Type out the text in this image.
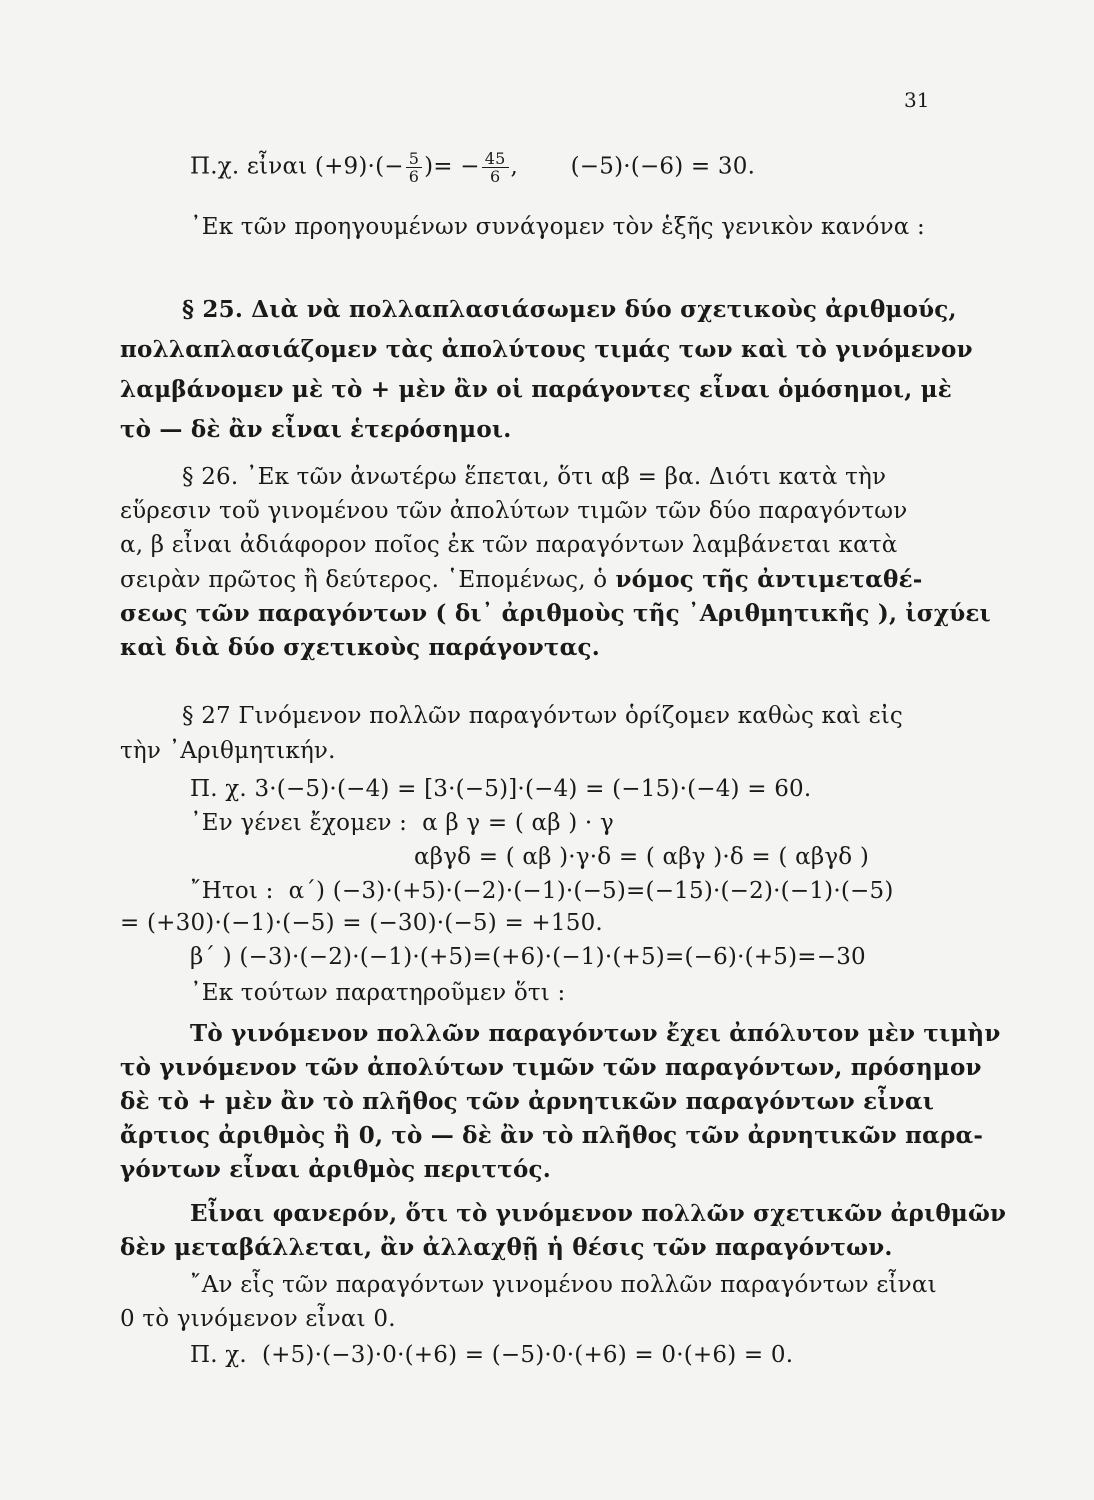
31
Π.χ. εἶναι $(+9)\cdot(- \frac{5}{6}$ )= − $\frac{45}{6}$ ,       (−5)·(−6) = 30.
᾿Εκ τῶν προηγουμένων συνάγομεν τὸν ἑξῆς γενικὸν κανόνα :
§ 25. Διὰ νὰ πολλαπλασιάσωμεν δύο σχετικοὺς ἀριθμούς,
πολλαπλασιάζομεν τὰς ἀπολύτους τιμάς των καὶ τὸ γινόμενον
λαμβάνομεν μὲ τὸ + μὲν ἂν οἱ παράγοντες εἶναι ὁμόσημοι, μὲ
τὸ — δὲ ἂν εἶναι ἑτερόσημοι.
§ 26. ᾿Εκ τῶν ἀνωτέρω ἕπεται, ὅτι αβ = βα. Διότι κατὰ τὴν
εὕρεσιν τοῦ γινομένου τῶν ἀπολύτων τιμῶν τῶν δύο παραγόντων
α, β εἶναι ἀδιάφορον ποῖος ἐκ τῶν παραγόντων λαμβάνεται κατὰ
σειρὰν πρῶτος ἢ δεύτερος. ῾Επομένως, ὁ νόμος τῆς ἀντιμεταθέ-
σεως τῶν παραγόντων ( δι᾽ ἀριθμοὺς τῆς ᾿Αριθμητικῆς ), ἰσχύει
καὶ διὰ δύο σχετικοὺς παράγοντας.
§ 27 Γινόμενον πολλῶν παραγόντων ὁρίζομεν καθὼς καὶ εἰς
τὴν ᾿Αριθμητικήν.
Π. χ. 3·(−5)·(−4) = [3·(−5)]·(−4) = (−15)·(−4) = 60.
᾿Εν γένει ἔχομεν :  α β γ = ( αβ ) · γ
αβγδ = ( αβ )·γ·δ = ( αβγ )·δ = ( αβγδ )
῎Ητοι :  α΄) (−3)·(+5)·(−2)·(−1)·(−5)=(−15)·(−2)·(−1)·(−5)
= (+30)·(−1)·(−5) = (−30)·(−5) = +150.
β΄ ) (−3)·(−2)·(−1)·(+5)=(+6)·(−1)·(+5)=(−6)·(+5)=−30
᾿Εκ τούτων παρατηροῦμεν ὅτι :
Τὸ γινόμενον πολλῶν παραγόντων ἔχει ἀπόλυτον μὲν τιμὴν
τὸ γινόμενον τῶν ἀπολύτων τιμῶν τῶν παραγόντων, πρόσημον
δὲ τὸ + μὲν ἂν τὸ πλῆθος τῶν ἀρνητικῶν παραγόντων εἶναι
ἄρτιος ἀριθμὸς ἢ 0, τὸ — δὲ ἂν τὸ πλῆθος τῶν ἀρνητικῶν παρα-
γόντων εἶναι ἀριθμὸς περιττός.
Εἶναι φανερόν, ὅτι τὸ γινόμενον πολλῶν σχετικῶν ἀριθμῶν
δὲν μεταβάλλεται, ἂν ἀλλαχθῇ ἡ θέσις τῶν παραγόντων.
῎Αν εἷς τῶν παραγόντων γινομένου πολλῶν παραγόντων εἶναι
0 τὸ γινόμενον εἶναι 0.
Π. χ.  (+5)·(−3)·0·(+6) = (−5)·0·(+6) = 0·(+6) = 0.
